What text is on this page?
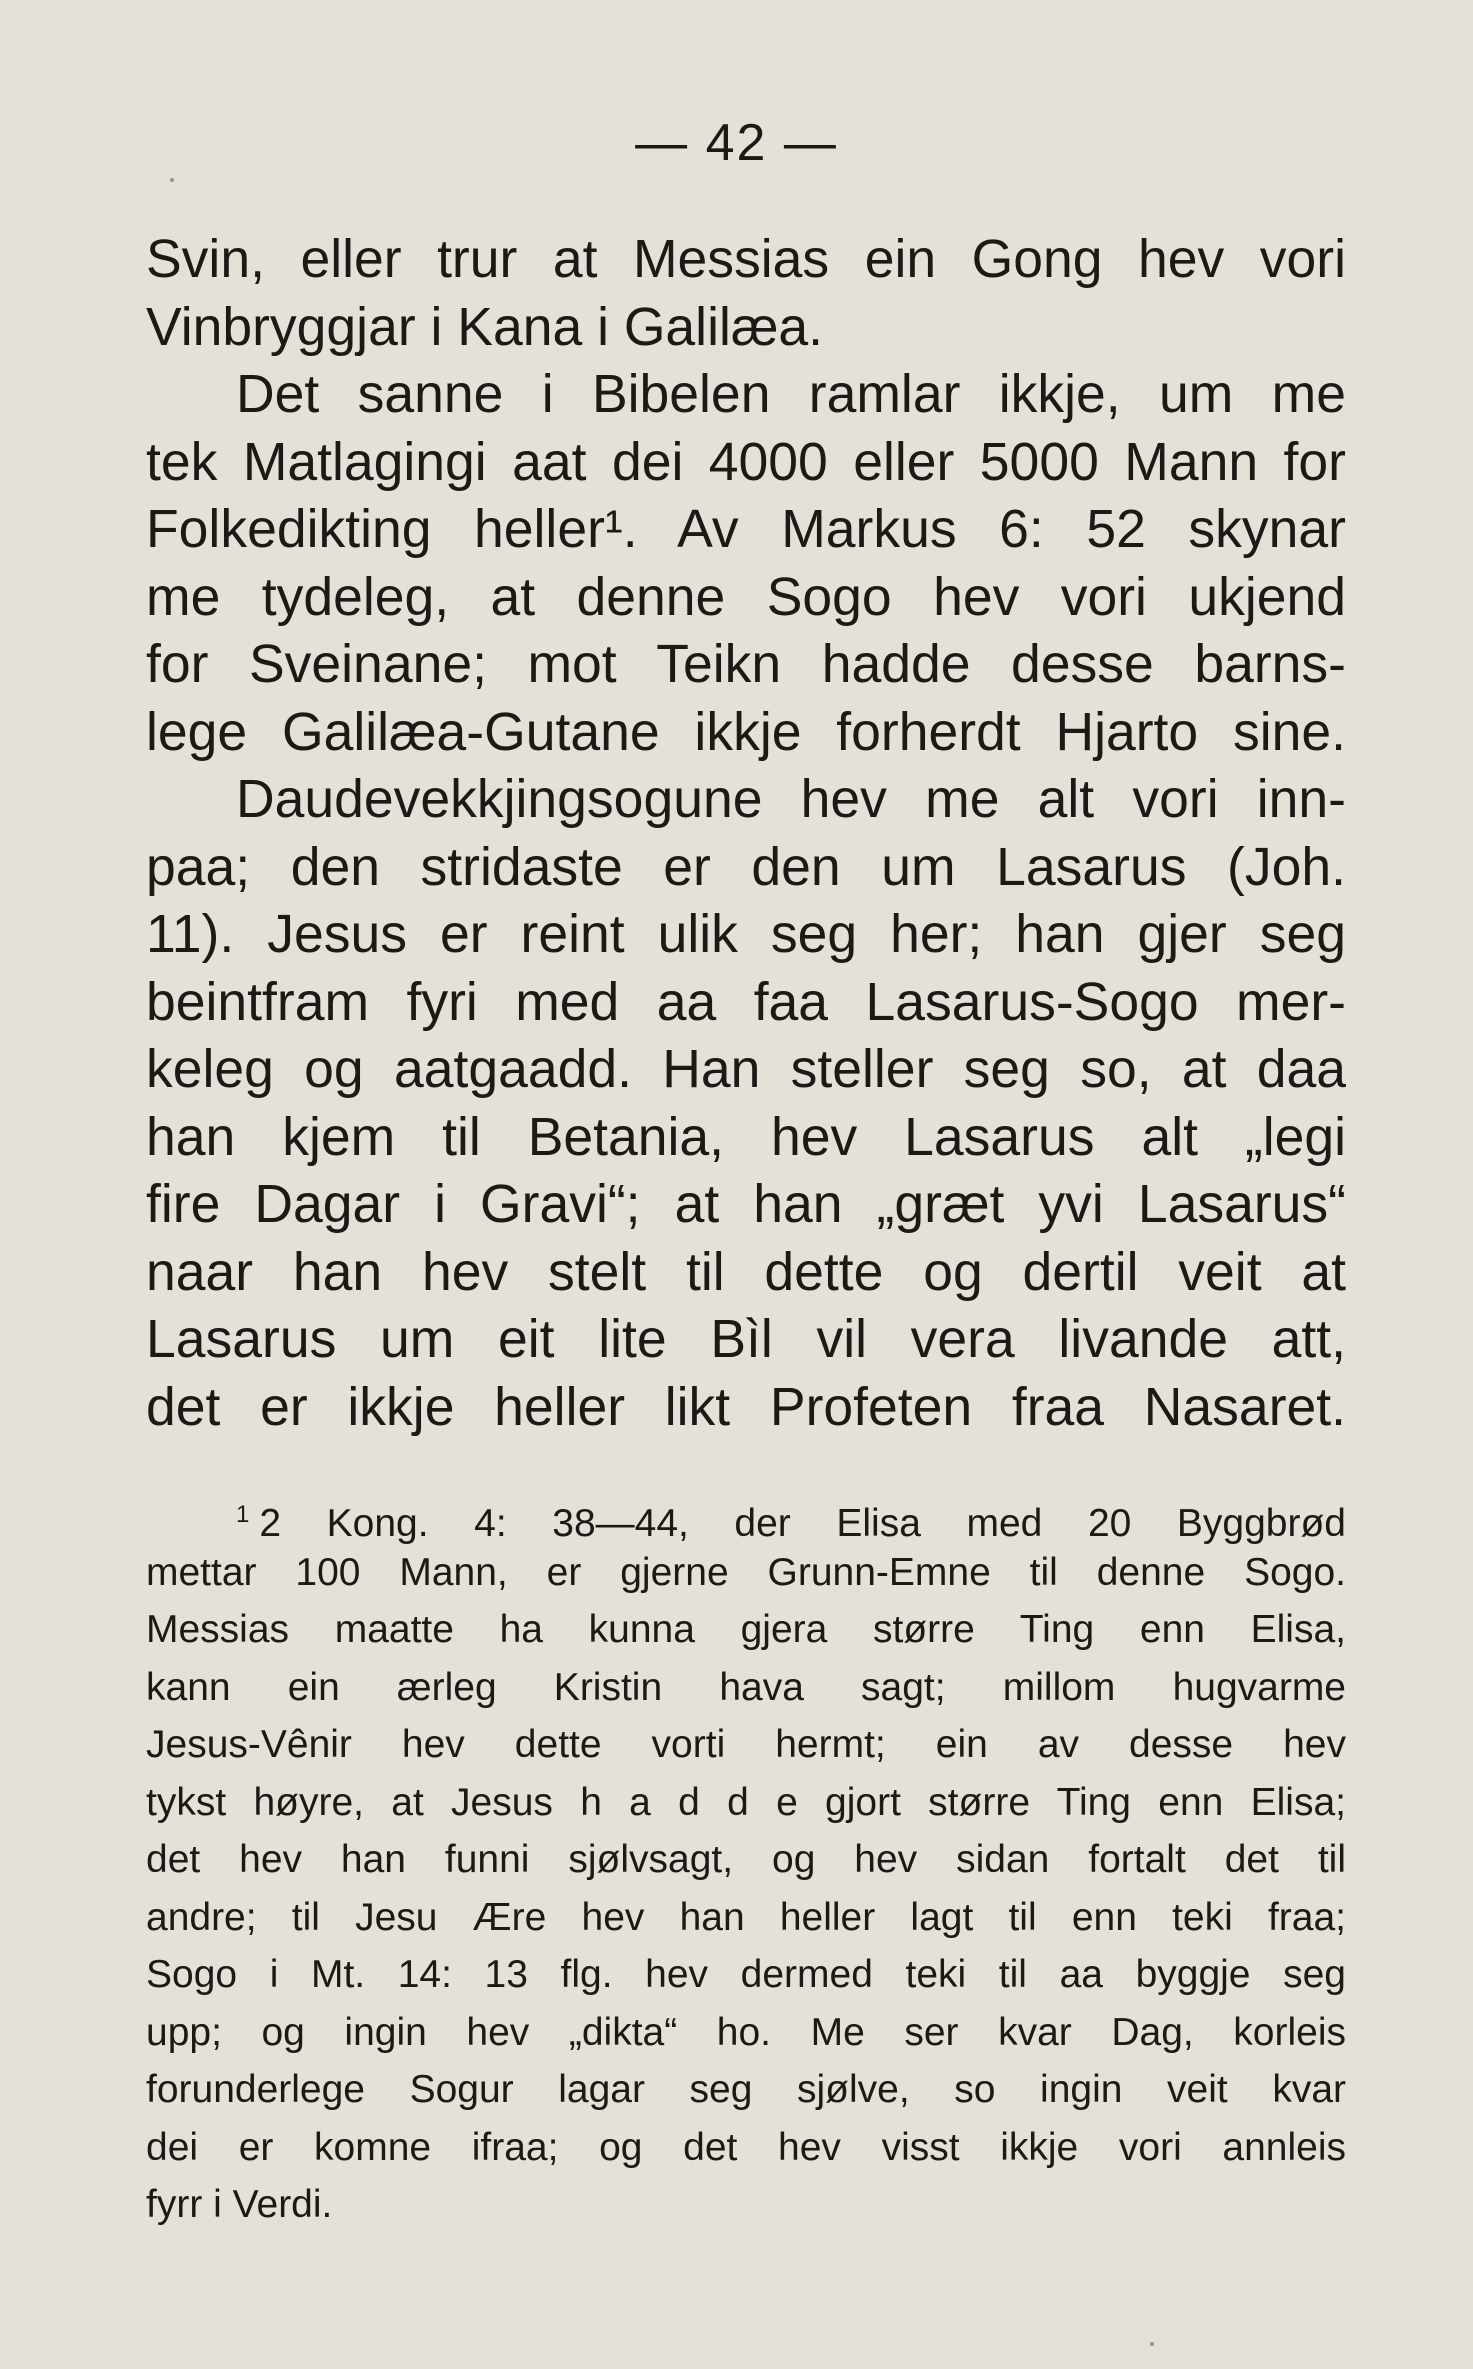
— 42 —
Svin, eller trur at Messias ein Gong hev vori
Vinbryggjar i Kana i Galilæa.
Det sanne i Bibelen ramlar ikkje, um me
tek Matlagingi aat dei 4000 eller 5000 Mann for
Folkedikting heller¹. Av Markus 6: 52 skynar
me tydeleg, at denne Sogo hev vori ukjend
for Sveinane; mot Teikn hadde desse barns-
lege Galilæa-Gutane ikkje forherdt Hjarto sine.
Daudevekkjingsogune hev me alt vori inn-
paa; den stridaste er den um Lasarus (Joh.
11). Jesus er reint ulik seg her; han gjer seg
beintfram fyri med aa faa Lasarus-Sogo mer-
keleg og aatgaadd. Han steller seg so, at daa
han kjem til Betania, hev Lasarus alt „legi
fire Dagar i Gravi“; at han „græt yvi Lasarus“
naar han hev stelt til dette og dertil veit at
Lasarus um eit lite Bìl vil vera livande att,
det er ikkje heller likt Profeten fraa Nasaret.
$^1$ 2 Kong. 4: 38—44, der Elisa med 20 Byggbrød
mettar 100 Mann, er gjerne Grunn-Emne til denne Sogo.
Messias maatte ha kunna gjera større Ting enn Elisa,
kann ein ærleg Kristin hava sagt; millom hugvarme
Jesus-Vênir hev dette vorti hermt; ein av desse hev
tykst høyre, at Jesus h a d d e gjort større Ting enn Elisa;
det hev han funni sjølvsagt, og hev sidan fortalt det til
andre; til Jesu Ære hev han heller lagt til enn teki fraa;
Sogo i Mt. 14: 13 flg. hev dermed teki til aa byggje seg
upp; og ingin hev „dikta“ ho. Me ser kvar Dag, korleis
forunderlege Sogur lagar seg sjølve, so ingin veit kvar
dei er komne ifraa; og det hev visst ikkje vori annleis
fyrr i Verdi.
